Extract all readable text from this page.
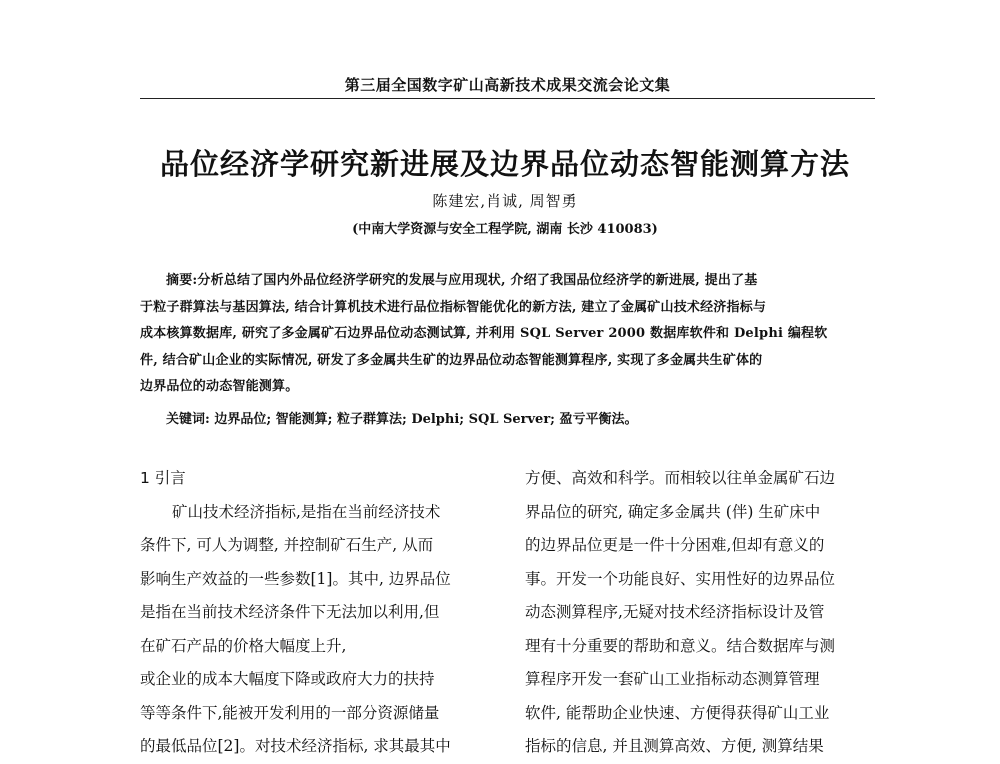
第三届全国数字矿山高新技术成果交流会论文集
品位经济学研究新进展及边界品位动态智能测算方法
陈建宏,肖诚, 周智勇
(中南大学资源与安全工程学院, 湖南 长沙 410083)
摘要:分析总结了国内外品位经济学研究的发展与应用现状, 介绍了我国品位经济学的新进展, 提出了基
于粒子群算法与基因算法, 结合计算机技术进行品位指标智能优化的新方法, 建立了金属矿山技术经济指标与
成本核算数据库, 研究了多金属矿石边界品位动态测试算, 并利用 SQL Server 2000 数据库软件和 Delphi 编程软
件, 结合矿山企业的实际情况, 研发了多金属共生矿的边界品位动态智能测算程序, 实现了多金属共生矿体的
边界品位的动态智能测算。
关键词: 边界品位; 智能测算; 粒子群算法; Delphi; SQL Server; 盈亏平衡法。
1 引言
矿山技术经济指标,是指在当前经济技术
条件下, 可人为调整, 并控制矿石生产, 从而
影响生产效益的一些参数[1]。其中, 边界品位
是指在当前技术经济条件下无法加以利用,但
在矿石产品的价格大幅度上升,
或企业的成本大幅度下降或政府大力的扶持
等等条件下,能被开发利用的一部分资源储量
的最低品位[2]。对技术经济指标, 求其最其中
方便、高效和科学。而相较以往单金属矿石边
界品位的研究, 确定多金属共 (伴) 生矿床中
的边界品位更是一件十分困难,但却有意义的
事。开发一个功能良好、实用性好的边界品位
动态测算程序,无疑对技术经济指标设计及管
理有十分重要的帮助和意义。结合数据库与测
算程序开发一套矿山工业指标动态测算管理
软件, 能帮助企业快速、方便得获得矿山工业
指标的信息, 并且测算高效、方便, 测算结果
